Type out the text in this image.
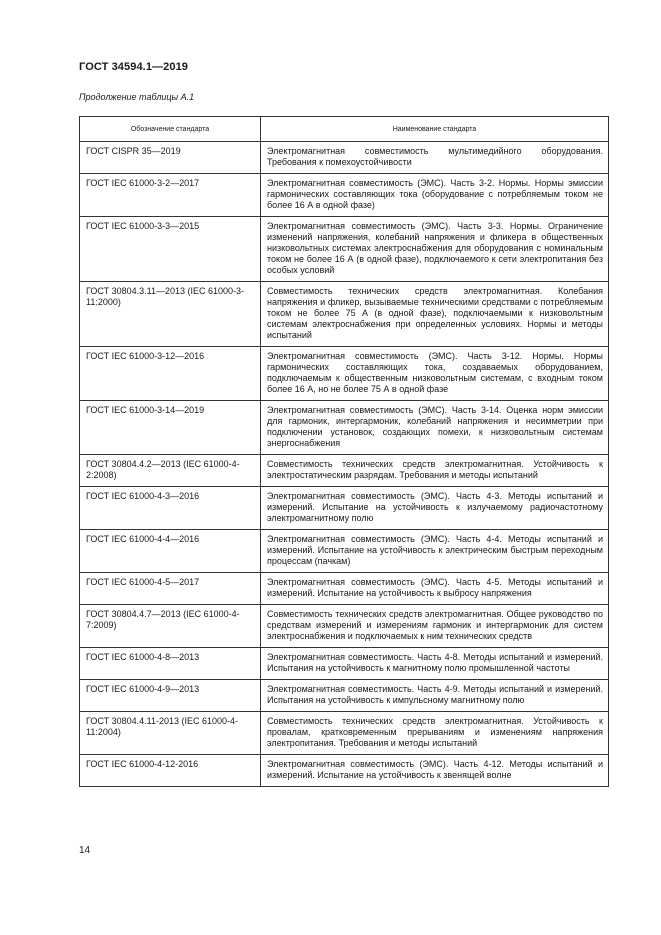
ГОСТ 34594.1—2019
Продолжение таблицы А.1
Обозначение стандарта	Наименование стандарта
ГОСТ CISPR 35—2019	Электромагнитная совместимость мультимедийного оборудования. Требования к помехоустойчивости
ГОСТ IEC 61000-3-2—2017	Электромагнитная совместимость (ЭМС). Часть 3-2. Нормы. Нормы эмиссии гармонических составляющих тока (оборудование с потребляемым током не более 16 А в одной фазе)
ГОСТ IEC 61000-3-3—2015	Электромагнитная совместимость (ЭМС). Часть 3-3. Нормы. Ограничение изменений напряжения, колебаний напряжения и фликера в общественных низковольтных системах электроснабжения для оборудования с номинальным током не более 16 А (в одной фазе), подключаемого к сети электропитания без особых условий
ГОСТ 30804.3.11—2013 (IEC 61000-3-11:2000)	Совместимость технических средств электромагнитная. Колебания напряжения и фликер, вызываемые техническими средствами с потребляемым током не более 75 А (в одной фазе), подключаемыми к низковольтным системам электроснабжения при определенных условиях. Нормы и методы испытаний
ГОСТ IEC 61000-3-12—2016	Электромагнитная совместимость (ЭМС). Часть 3-12. Нормы. Нормы гармонических составляющих тока, создаваемых оборудованием, подключаемым к общественным низковольтным системам, с входным током более 16 А, но не более 75 А в одной фазе
ГОСТ IEC 61000-3-14—2019	Электромагнитная совместимость (ЭМС). Часть 3-14. Оценка норм эмиссии для гармоник, интергармоник, колебаний напряжения и несимметрии при подключении установок, создающих помехи, к низковольтным системам энергоснабжения
ГОСТ 30804.4.2—2013 (IEC 61000-4-2:2008)	Совместимость технических средств электромагнитная. Устойчивость к электростатическим разрядам. Требования и методы испытаний
ГОСТ IEC 61000-4-3—2016	Электромагнитная совместимость (ЭМС). Часть 4-3. Методы испытаний и измерений. Испытание на устойчивость к излучаемому радиочастотному электромагнитному полю
ГОСТ IEC 61000-4-4—2016	Электромагнитная совместимость (ЭМС). Часть 4-4. Методы испытаний и измерений. Испытание на устойчивость к электрическим быстрым переходным процессам (пачкам)
ГОСТ IEC 61000-4-5—2017	Электромагнитная совместимость (ЭМС). Часть 4-5. Методы испытаний и измерений. Испытание на устойчивость к выбросу напряжения
ГОСТ 30804.4.7—2013 (IEC 61000-4-7:2009)	Совместимость технических средств электромагнитная. Общее руководство по средствам измерений и измерениям гармоник и интергармоник для систем электроснабжения и подключаемых к ним технических средств
ГОСТ IEC 61000-4-8—2013	Электромагнитная совместимость. Часть 4-8. Методы испытаний и измерений. Испытания на устойчивость к магнитному полю промышленной частоты
ГОСТ IEC 61000-4-9—2013	Электромагнитная совместимость. Часть 4-9. Методы испытаний и измерений. Испытания на устойчивость к импульсному магнитному полю
ГОСТ 30804.4.11-2013 (IEC 61000-4-11:2004)	Совместимость технических средств электромагнитная. Устойчивость к провалам, кратковременным прерываниям и изменениям напряжения электропитания. Требования и методы испытаний
ГОСТ IEC 61000-4-12-2016	Электромагнитная совместимость (ЭМС). Часть 4-12. Методы испытаний и измерений. Испытание на устойчивость к звенящей волне
14
